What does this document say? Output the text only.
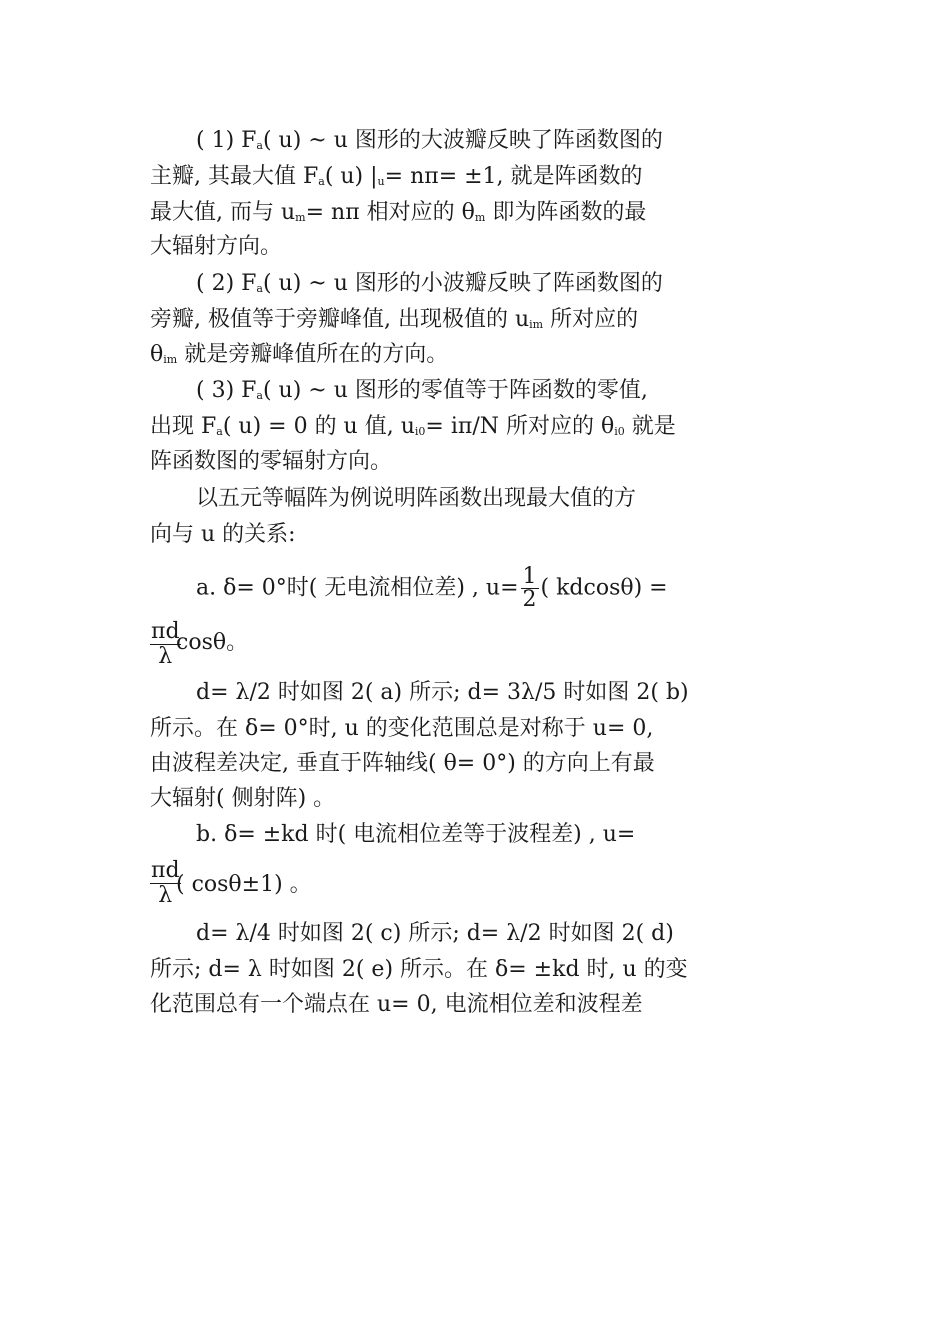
( 1) $F_a$( u) ~ u 图形的大波瓣反映了阵函数图的
主瓣, 其最大值 $F_a$( u) $|_u= n\pi= \pm 1$, 就是阵函数的
最大值, 而与 $u_m= n\pi$ 相对应的 $\theta_m$ 即为阵函数的最
大辐射方向。
( 2) $F_a$( u) ~ u 图形的小波瓣反映了阵函数图的
旁瓣, 极值等于旁瓣峰值, 出现极值的 $u_{im}$ 所对应的
$\theta_{im}$ 就是旁瓣峰值所在的方向。
( 3) $F_a$( u) ~ u 图形的零值等于阵函数的零值,
出现 $F_a$( u) = 0 的 u 值, $u_{i0}= i\pi/N$ 所对应的 $\theta_{i0}$ 就是
阵函数图的零辐射方向。
以五元等幅阵为例说明阵函数出现最大值的方
向与 u 的关系:
a. δ= 0°时( 无电流相位差) , $u= \frac{1}{2}$ ( kdcosθ) =
$\frac{\pi d}{\lambda}$
cosθ。
d= λ/2 时如图 2( a) 所示; d= 3λ/5 时如图 2( b)
所示。在 δ= 0°时, u 的变化范围总是对称于 u= 0,
由波程差决定, 垂直于阵轴线( θ= 0°) 的方向上有最
大辐射( 侧射阵) 。
b. δ= ±kd 时( 电流相位差等于波程差) , u=
$\frac{\pi d}{\lambda}$
( cosθ±1) 。
d= λ/4 时如图 2( c) 所示; d= λ/2 时如图 2( d)
所示; d= λ 时如图 2( e) 所示。在 δ= ±kd 时, u 的变
化范围总有一个端点在 u= 0, 电流相位差和波程差
